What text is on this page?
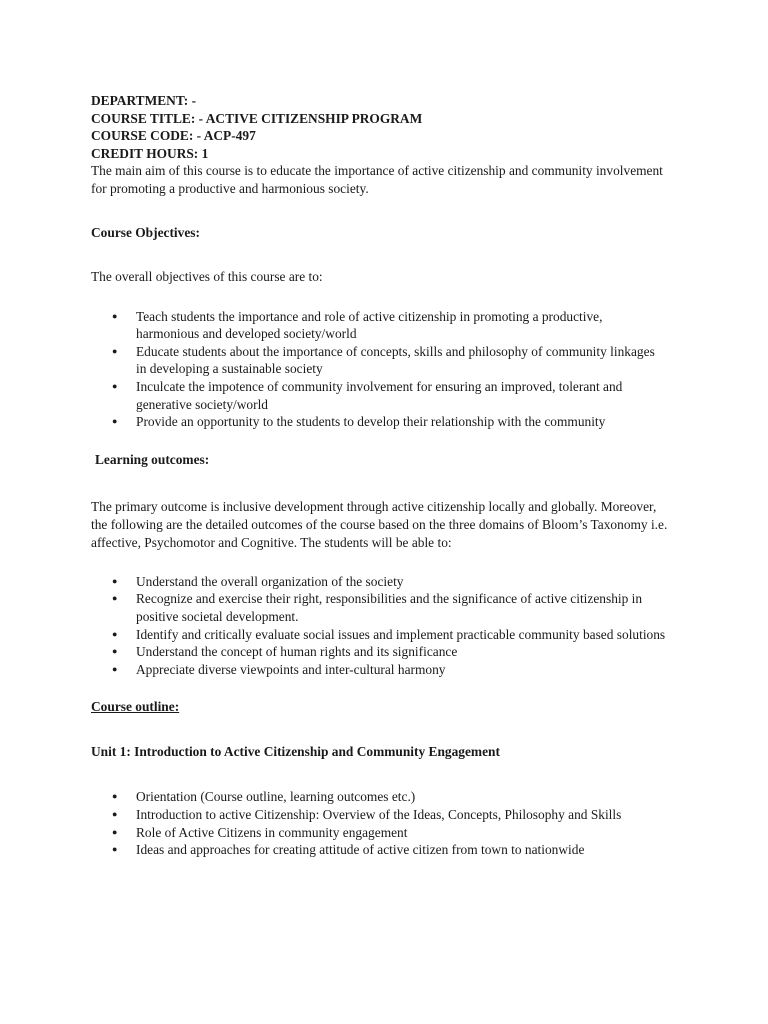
DEPARTMENT: -
COURSE TITLE: - ACTIVE CITIZENSHIP PROGRAM
COURSE CODE: - ACP-497
CREDIT HOURS: 1

The main aim of this course is to educate the importance of active citizenship and community involvement for promoting a productive and harmonious society.

Course Objectives:

The overall objectives of this course are to:

● Teach students the importance and role of active citizenship in promoting a productive, harmonious and developed society/world
● Educate students about the importance of concepts, skills and philosophy of community linkages in developing a sustainable society
● Inculcate the impotence of community involvement for ensuring an improved, tolerant and generative society/world
● Provide an opportunity to the students to develop their relationship with the community
Learning outcomes:

The primary outcome is inclusive development through active citizenship locally and globally. Moreover, the following are the detailed outcomes of the course based on the three domains of Bloom’s Taxonomy i.e. affective, Psychomotor and Cognitive. The students will be able to:

● Understand the overall organization of the society
● Recognize and exercise their right, responsibilities and the significance of active citizenship in positive societal development.
● Identify and critically evaluate social issues and implement practicable community based solutions
● Understand the concept of human rights and its significance
● Appreciate diverse viewpoints and inter-cultural harmony
Course outline:
Unit 1: Introduction to Active Citizenship and Community Engagement
● Orientation (Course outline, learning outcomes etc.)
● Introduction to active Citizenship: Overview of the Ideas, Concepts, Philosophy and Skills
● Role of Active Citizens in community engagement
● Ideas and approaches for creating attitude of active citizen from town to nationwide
